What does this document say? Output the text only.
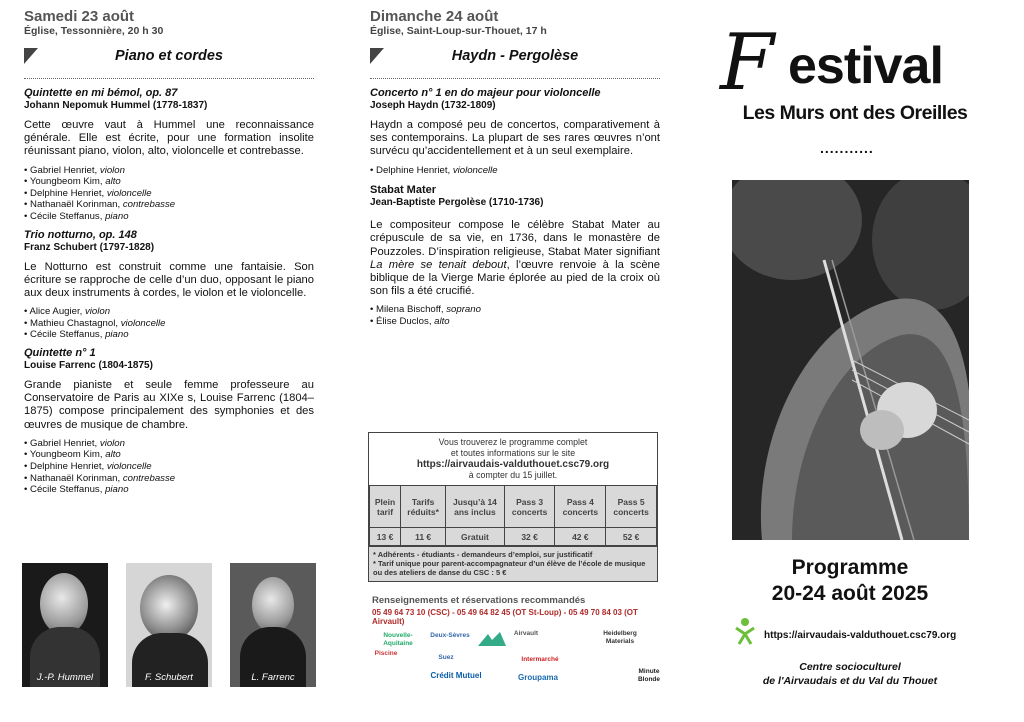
Samedi 23 août
Église, Tessonnière, 20 h 30
Piano et cordes
Quintette en mi bémol, op. 87
Johann Nepomuk Hummel (1778-1837)

Cette œuvre vaut à Hummel une reconnaissance générale. Elle est écrite, pour une formation insolite réunissant piano, violon, alto, violoncelle et contrebasse.

• Gabriel Henriet, violon
• Youngbeom Kim, alto
• Delphine Henriet, violoncelle
• Nathanaël Korinman, contrebasse
• Cécile Steffanus, piano
Trio notturno, op. 148
Franz Schubert (1797-1828)

Le Notturno est construit comme une fantaisie. Son écriture se rapproche de celle d’un duo, opposant le piano aux deux instruments à cordes, le violon et le violoncelle.

• Alice Augier, violon
• Mathieu Chastagnol, violoncelle
• Cécile Steffanus, piano
Quintette n° 1
Louise Farrenc (1804-1875)

Grande pianiste et seule femme professeure au Conservatoire de Paris au XIXe s, Louise Farrenc (1804–1875) compose principalement des symphonies et des œuvres de musique de chambre.

• Gabriel Henriet, violon
• Youngbeom Kim, alto
• Delphine Henriet, violoncelle
• Nathanaël Korinman, contrebasse
• Cécile Steffanus, piano
J.-P. Hummel	F. Schubert	L. Farrenc
Dimanche 24 août
Église, Saint-Loup-sur-Thouet, 17 h
Haydn - Pergolèse
Concerto n° 1 en do majeur pour violoncelle
Joseph Haydn (1732-1809)

Haydn a composé peu de concertos, comparativement à ses contemporains. La plupart de ses rares œuvres n’ont survécu qu’accidentellement et à un seul exemplaire.

• Delphine Henriet, violoncelle
Stabat Mater
Jean-Baptiste Pergolèse (1710-1736)

Le compositeur compose le célèbre Stabat Mater au crépuscule de sa vie, en 1736, dans le monastère de Pouzzoles. D’inspiration religieuse, Stabat Mater signifiant La mère se tenait debout, l’œuvre renvoie à la scène biblique de la Vierge Marie éplorée au pied de la croix où son fils a été crucifié.

• Milena Bischoff, soprano
• Élise Duclos, alto
Vous trouverez le programme complet
et toutes informations sur le site
https://airvaudais-valduthouet.csc79.org
à compter du 15 juillet.
Plein tarif	Tarifs réduits*	Jusqu’à 14 ans inclus	Pass 3 concerts	Pass 4 concerts	Pass 5 concerts
13 €	11 €	Gratuit	32 €	42 €	52 €
* Adhérents - étudiants - demandeurs d’emploi, sur justificatif
* Tarif unique pour parent-accompagnateur d’un élève de l’école de musique ou des ateliers de danse du CSC : 5 €
Renseignements et réservations recommandés
05 49 64 73 10 (CSC) - 05 49 64 82 45 (OT St-Loup) - 05 49 70 84 03 (OT Airvault)
Nouvelle-Aquitaine
Deux-Sèvres	Airvault	Heidelberg Materials
Piscine
Suez	Intermarché
Minute Blonde
Crédit Mutuel	Groupama
F estival
Les Murs ont des Oreilles
...........
Programme
20-24 août 2025
https://airvaudais-valduthouet.csc79.org
Centre socioculturel
de l'Airvaudais et du Val du Thouet
